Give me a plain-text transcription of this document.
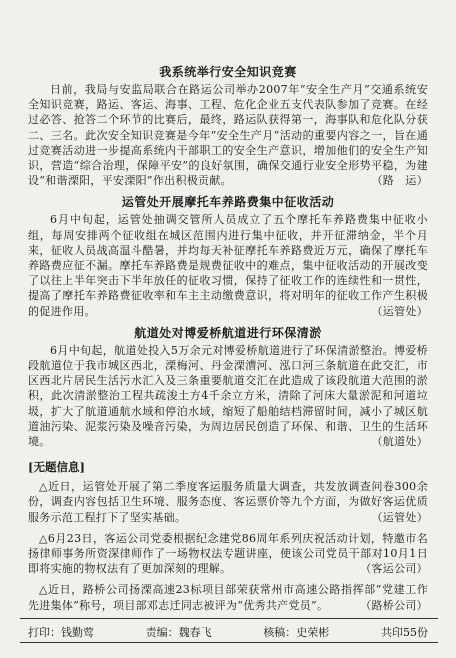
我系统举行安全知识竞赛

日前，我局与安监局联合在路运公司举办2007年“安全生产月”交通系统安全知识竞赛，路运、客运、海事、工程、危化企业五支代表队参加了竞赛。在经过必答、抢答二个环节的比赛后，最终，路运队获得第一，海事队和危化队分获二、三名。此次安全知识竞赛是今年“安全生产月”活动的重要内容之一，旨在通过竞赛活动进一步提高系统内干部职工的安全生产意识，增加他们的安全生产知识，营造“综合治理，保障平安”的良好氛围，确保交通行业安全形势平稳，为建设“和谐溧阳，平安溧阳”作出积极贡献。	（路　运）

运管处开展摩托车养路费集中征收活动

6月中旬起，运管处抽调交管所人员成立了五个摩托车养路费集中征收小组，每周安排两个征收组在城区范围内进行集中征收，并开征滞纳金，半个月来，征收人员战高温斗酷暑，并均每天补征摩托车养路费近万元，确保了摩托车养路费应征不漏。摩托车养路费是规费征收中的难点，集中征收活动的开展改变了以往上半年突击下半年放任的征收习惯，保持了征收工作的连续性和一贯性，提高了摩托车养路费征收率和车主主动缴费意识，将对明年的征收工作产生积极的促进作用。	（运管处）

航道处对博爱桥航道进行环保清淤

6月中旬起，航道处投入5万余元对博爱桥航道进行了环保清淤整治。博爱桥段航道位于我市城区西北，溧梅河、丹金溧漕河、泓口河三条航道在此交汇，市区西北片居民生活污水汇入及三条重要航道交汇在此造成了该段航道大范围的淤积，此次清淤整治工程共疏浚土方4千余立方米，清除了河床大量淤泥和河道垃圾，扩大了航道通航水域和停泊水域，缩短了船舶结档滞留时间，减小了城区航道油污染、泥浆污染及噪音污染，为周边居民创造了环保、和谐、卫生的生活环境。	（航道处）

[无题信息]

△近日，运管处开展了第二季度客运服务质量大调查，共发放调查问卷300余份，调查内容包括卫生环境、服务态度、客运票价等九个方面，为做好客运优质服务示范工程打下了坚实基础。	（运管处）

△6月23日，客运公司党委根据纪念建党86周年系列庆祝活动计划，特邀市名扬律师事务所资深律师作了一场物权法专题讲座，使该公司党员干部对10月1日即将实施的物权法有了更加深刻的理解。	（客运公司）

△近日，路桥公司扬溧高速23标项目部荣获常州市高速公路指挥部“党建工作先进集体”称号，项目部邓志迁同志被评为“优秀共产党员”。	（路桥公司）

打印：钱勤莺	责编：魏春飞	核稿：史荣彬	共印55份
